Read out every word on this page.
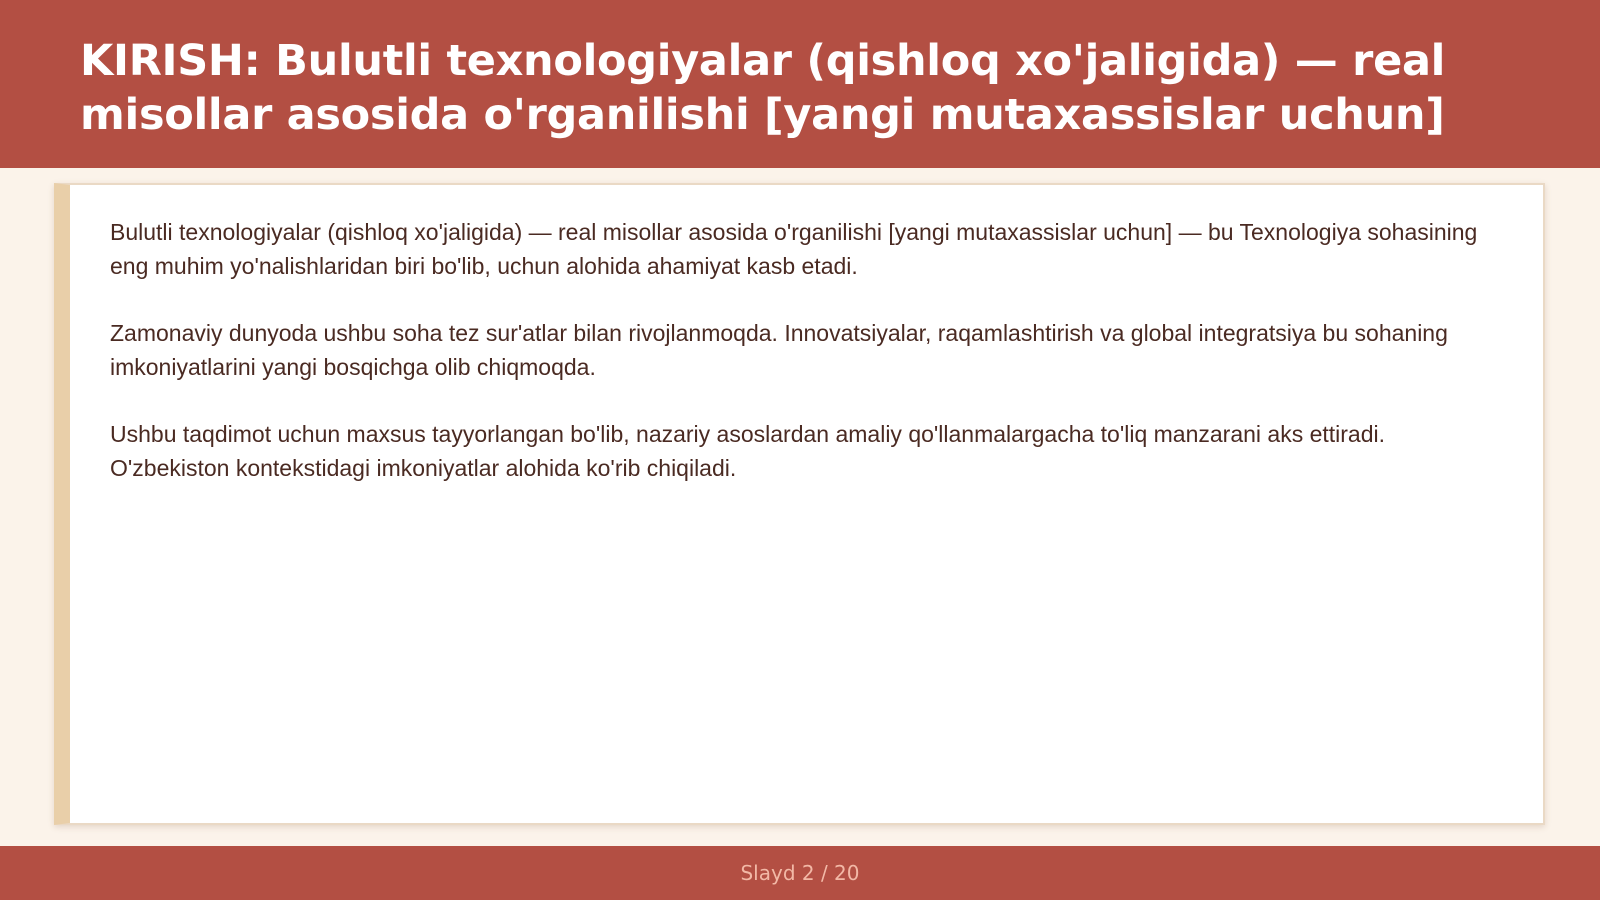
KIRISH: Bulutli texnologiyalar (qishloq xo'jaligida) — real misollar asosida o'rganilishi [yangi mutaxassislar uchun]

Bulutli texnologiyalar (qishloq xo'jaligida) — real misollar asosida o'rganilishi [yangi mutaxassislar uchun] — bu Texnologiya sohasining eng muhim yo'nalishlaridan biri bo'lib, uchun alohida ahamiyat kasb etadi.

Zamonaviy dunyoda ushbu soha tez sur'atlar bilan rivojlanmoqda. Innovatsiyalar, raqamlashtirish va global integratsiya bu sohaning imkoniyatlarini yangi bosqichga olib chiqmoqda.

Ushbu taqdimot uchun maxsus tayyorlangan bo'lib, nazariy asoslardan amaliy qo'llanmalargacha to'liq manzarani aks ettiradi. O'zbekiston kontekstidagi imkoniyatlar alohida ko'rib chiqiladi.

Slayd 2 / 20
